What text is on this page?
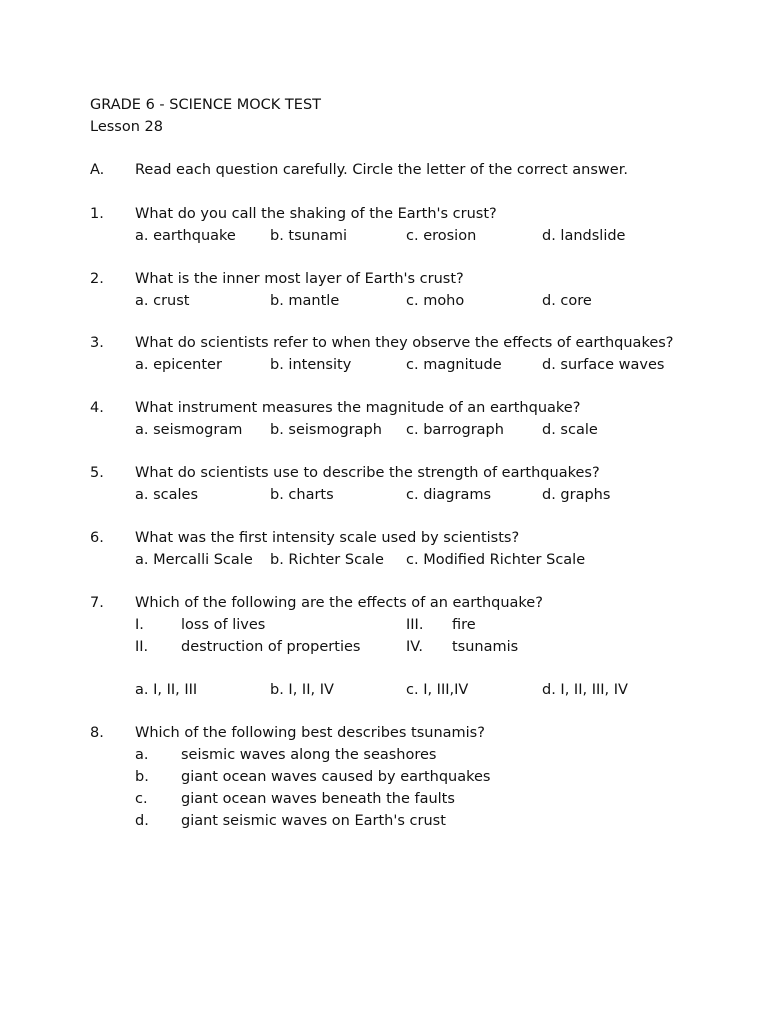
GRADE 6 - SCIENCE MOCK TEST
Lesson 28
A. Read each question carefully. Circle the letter of the correct answer.
1. What do you call the shaking of the Earth's crust?
a. earthquake b. tsunami	c. erosion	d. landslide
2. What is the inner most layer of Earth's crust?
a. crust	b. mantle	c. moho	d. core
3. What do scientists refer to when they observe the effects of earthquakes?
a. epicenter	b. intensity	c. magnitude	d. surface waves
4. What instrument measures the magnitude of an earthquake?
a. seismogram b. seismograph c. barrograph	d. scale
5. What do scientists use to describe the strength of earthquakes?
a. scales	b. charts	c. diagrams	d. graphs
6. What was the first intensity scale used by scientists?
a. Mercalli Scale b. Richter Scale c. Modified Richter Scale
7. Which of the following are the effects of an earthquake?
I.	loss of lives	III. fire
II. destruction of properties	IV. tsunamis
a. I, II, III	b. I, II, IV	c. I, III,IV	d. I, II, III, IV
8. Which of the following best describes tsunamis?
a. seismic waves along the seashores
b. giant ocean waves caused by earthquakes
c. giant ocean waves beneath the faults
d. giant seismic waves on Earth's crust
